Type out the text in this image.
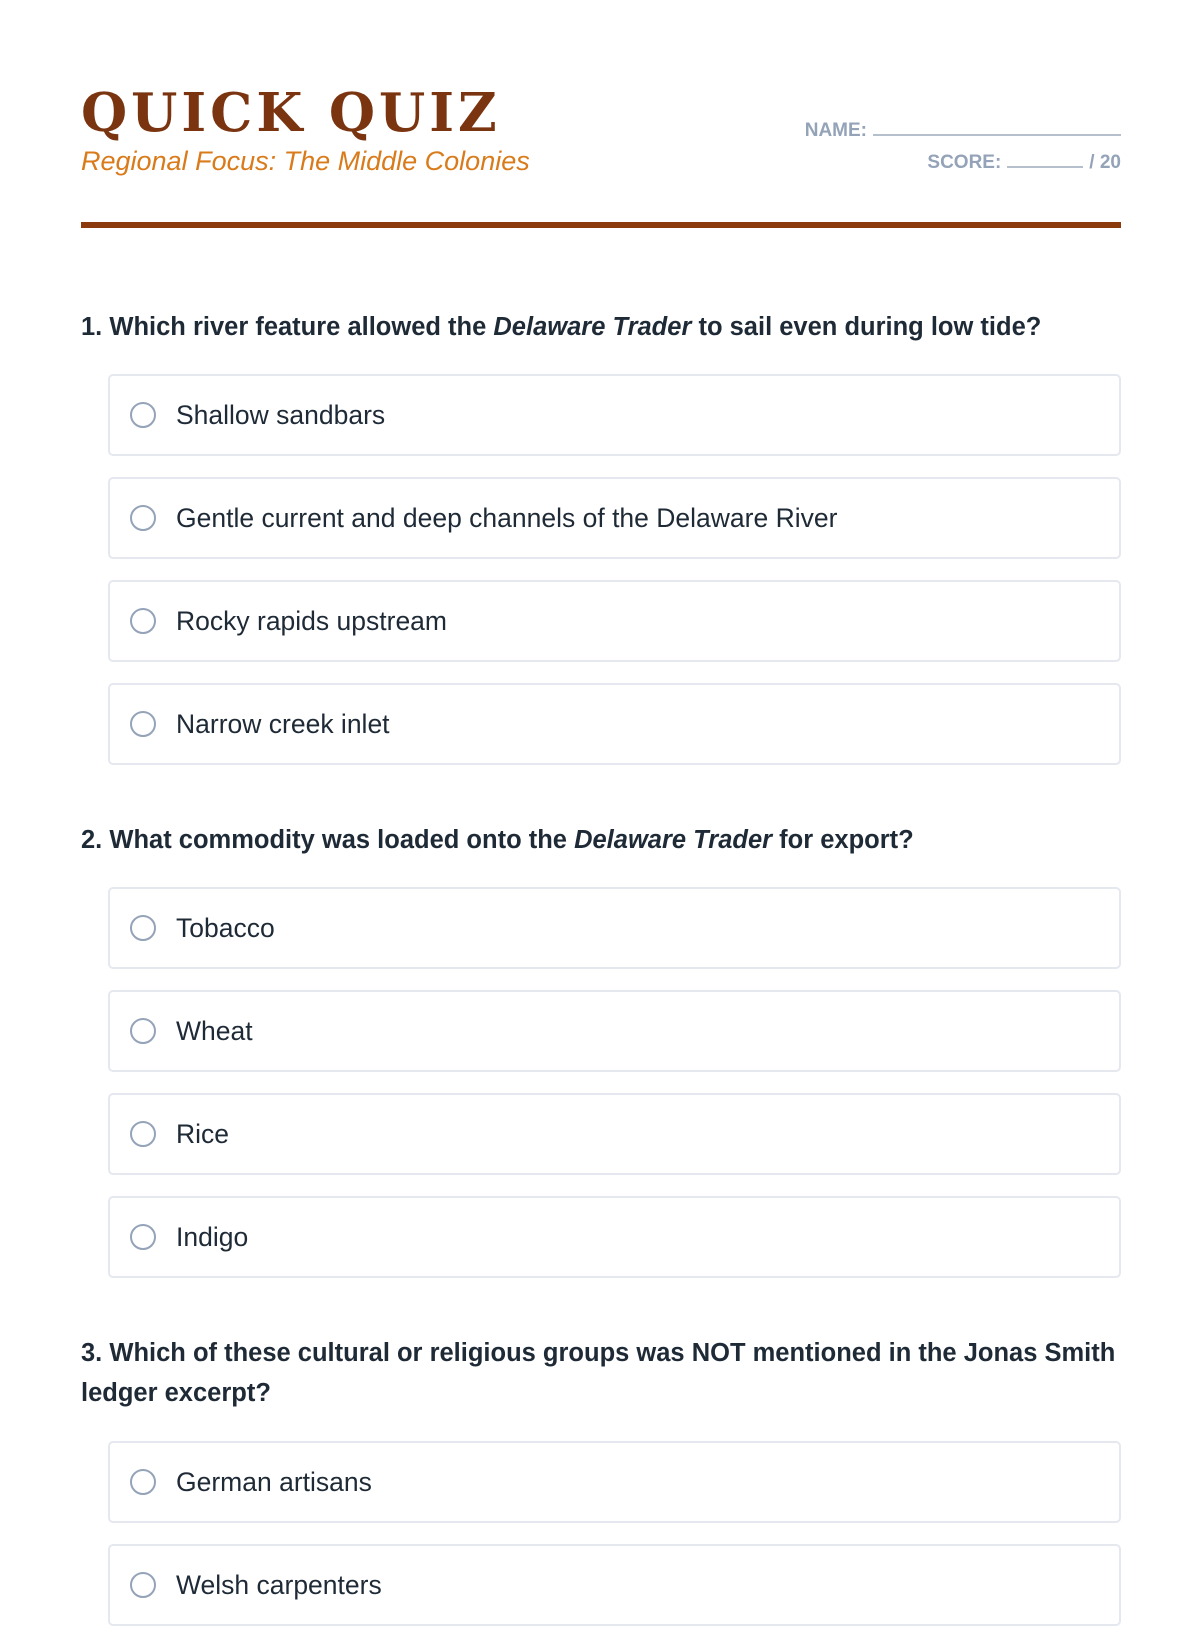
QUICK QUIZ
Regional Focus: The Middle Colonies
NAME:
SCORE:	/ 20

1. Which river feature allowed the Delaware Trader to sail even during low tide?

Shallow sandbars
Gentle current and deep channels of the Delaware River
Rocky rapids upstream
Narrow creek inlet

2. What commodity was loaded onto the Delaware Trader for export?

Tobacco
Wheat
Rice
Indigo

3. Which of these cultural or religious groups was NOT mentioned in the Jonas Smith ledger excerpt?

German artisans
Welsh carpenters
